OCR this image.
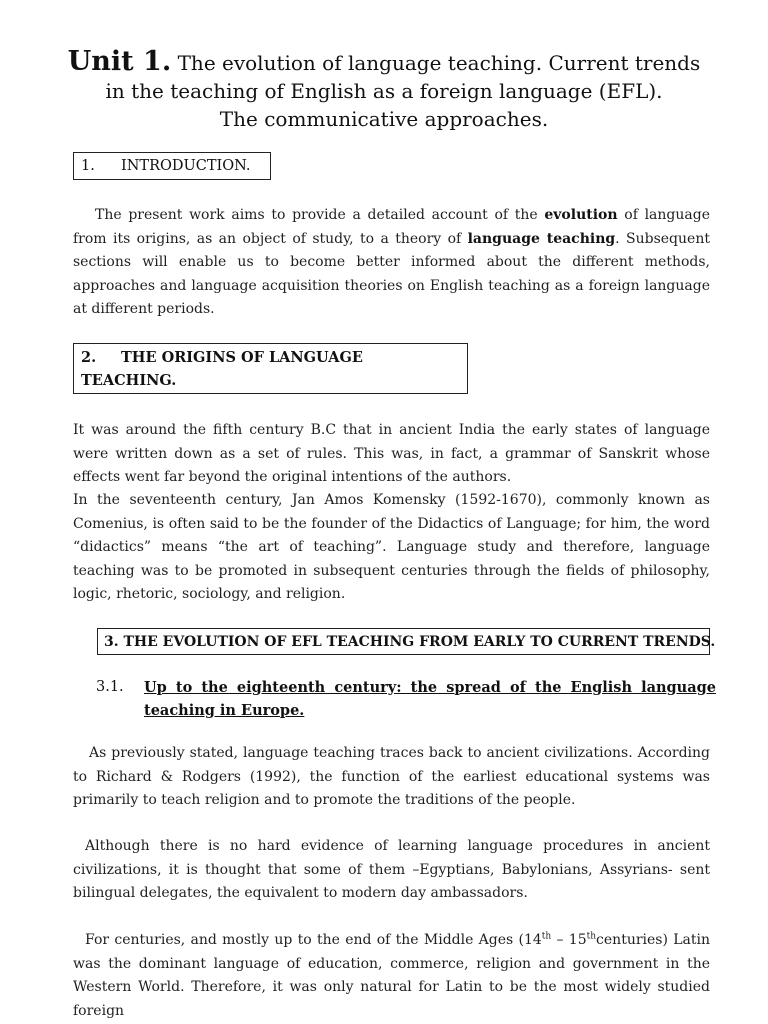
Unit 1. The evolution of language teaching. Current trends
in the teaching of English as a foreign language (EFL).
The communicative approaches.
1. INTRODUCTION.

The present work aims to provide a detailed account of the evolution of language from its origins, as an object of study, to a theory of language teaching. Subsequent sections will enable us to become better informed about the different methods, approaches and language acquisition theories on English teaching as a foreign language at different periods.

2. THE ORIGINS OF LANGUAGE
TEACHING.

It was around the fifth century B.C that in ancient India the early states of language were written down as a set of rules. This was, in fact, a grammar of Sanskrit whose effects went far beyond the original intentions of the authors.

In the seventeenth century, Jan Amos Komensky (1592-1670), commonly known as Comenius, is often said to be the founder of the Didactics of Language; for him, the word “didactics” means “the art of teaching”. Language study and therefore, language teaching was to be promoted in subsequent centuries through the fields of philosophy, logic, rhetoric, sociology, and religion.

3. THE EVOLUTION OF EFL TEACHING FROM EARLY TO CURRENT TRENDS.
3.1. Up to the eighteenth century: the spread of the English language teaching in Europe.

As previously stated, language teaching traces back to ancient civilizations. According to Richard & Rodgers (1992), the function of the earliest educational systems was primarily to teach religion and to promote the traditions of the people.

Although there is no hard evidence of learning language procedures in ancient civilizations, it is thought that some of them –Egyptians, Babylonians, Assyrians- sent bilingual delegates, the equivalent to modern day ambassadors.

For centuries, and mostly up to the end of the Middle Ages (14th – 15thcenturies) Latin was the dominant language of education, commerce, religion and government in the Western World. Therefore, it was only natural for Latin to be the most widely studied foreign
